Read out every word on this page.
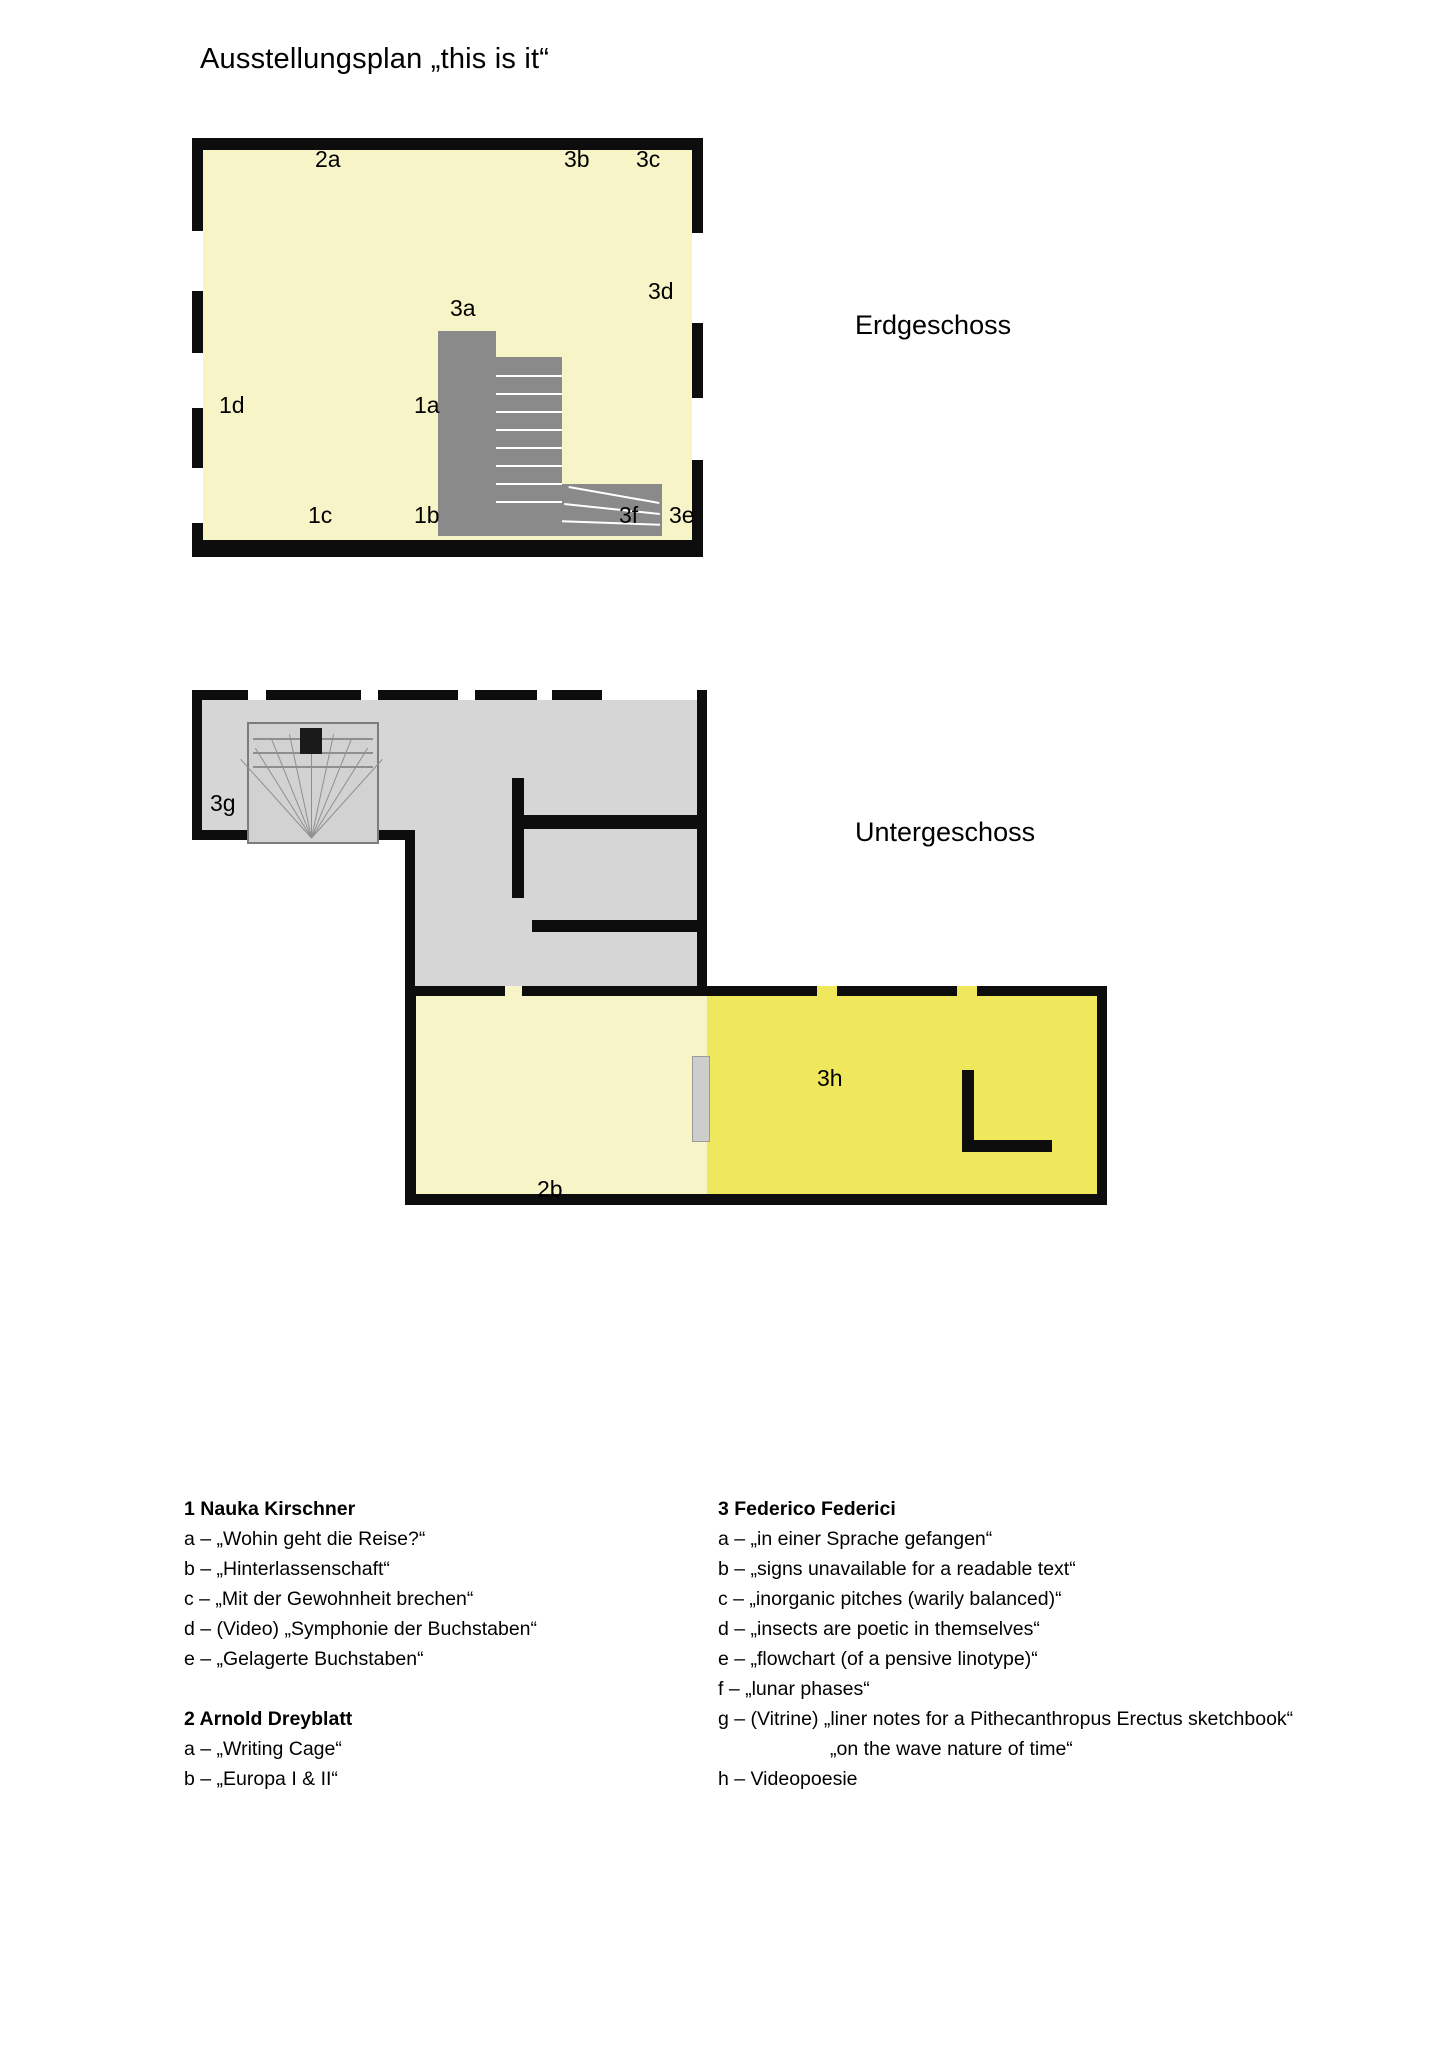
Ausstellungsplan „this is it“
2a	3b 3c
3d
3a
1d	1a
1c	1b	3f 3e
Erdgeschoss
3g
3h
2b
Untergeschoss
1 Nauka Kirschner
a – „Wohin geht die Reise?“
b – „Hinterlassenschaft“
c – „Mit der Gewohnheit brechen“
d – (Video) „Symphonie der Buchstaben“
e – „Gelagerte Buchstaben“
2 Arnold Dreyblatt
a – „Writing Cage“
b – „Europa I & II“
3 Federico Federici
a – „in einer Sprache gefangen“
b – „signs unavailable for a readable text“
c – „inorganic pitches (warily balanced)“
d – „insects are poetic in themselves“
e – „flowchart (of a pensive linotype)“
f – „lunar phases“
g – (Vitrine) „liner notes for a Pithecanthropus Erectus sketchbook“
„on the wave nature of time“
h – Videopoesie
